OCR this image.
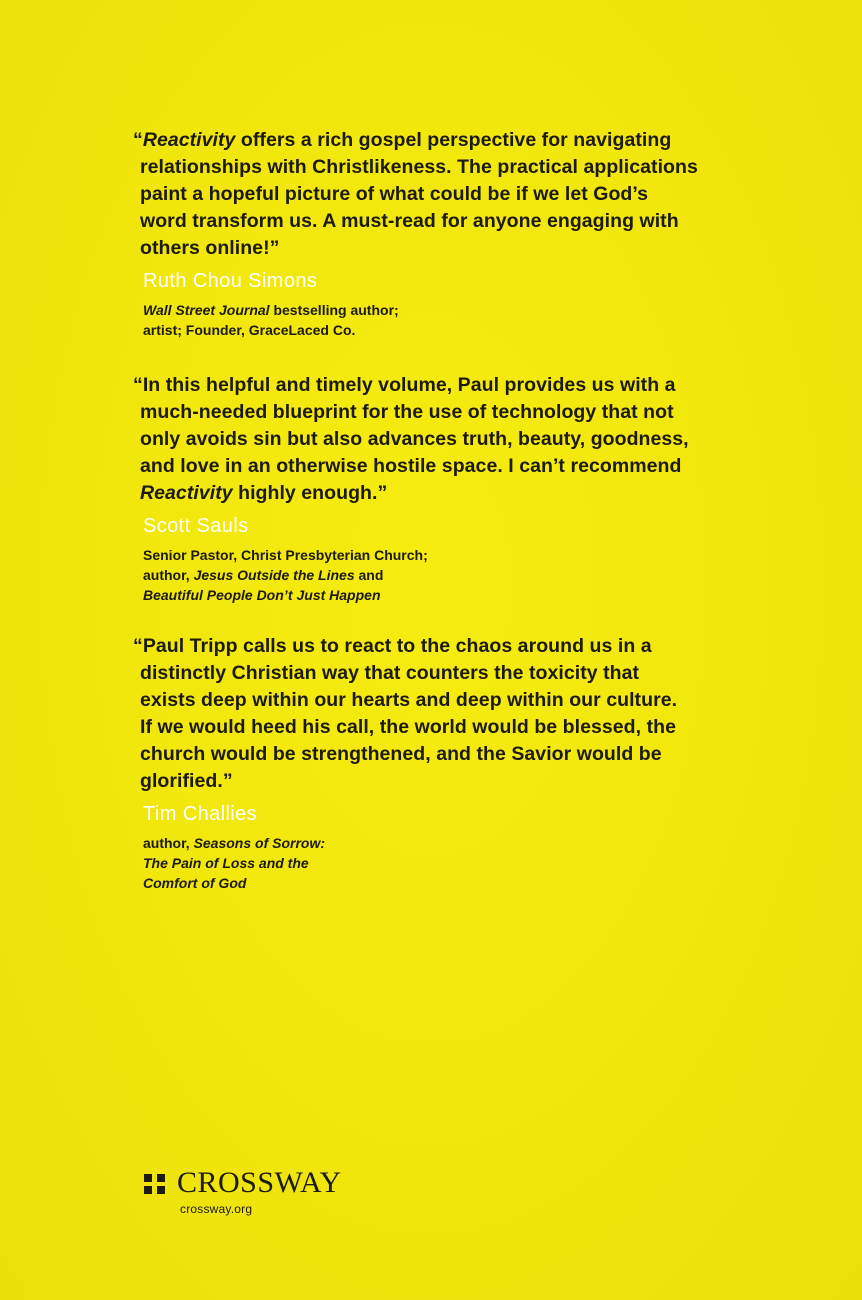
“Reactivity offers a rich gospel perspective for navigating
relationships with Christlikeness. The practical applications
paint a hopeful picture of what could be if we let God’s
word transform us. A must-read for anyone engaging with
others online!”

Ruth Chou Simons

Wall Street Journal bestselling author;
artist; Founder, GraceLaced Co.

“In this helpful and timely volume, Paul provides us with a
much-needed blueprint for the use of technology that not
only avoids sin but also advances truth, beauty, goodness,
and love in an otherwise hostile space. I can’t recommend
Reactivity highly enough.”

Scott Sauls

Senior Pastor, Christ Presbyterian Church;
author, Jesus Outside the Lines and
Beautiful People Don’t Just Happen

“Paul Tripp calls us to react to the chaos around us in a
distinctly Christian way that counters the toxicity that
exists deep within our hearts and deep within our culture.
If we would heed his call, the world would be blessed, the
church would be strengthened, and the Savior would be
glorified.”

Tim Challies

author, Seasons of Sorrow:
The Pain of Loss and the
Comfort of God

CROSSWAY
crossway.org
